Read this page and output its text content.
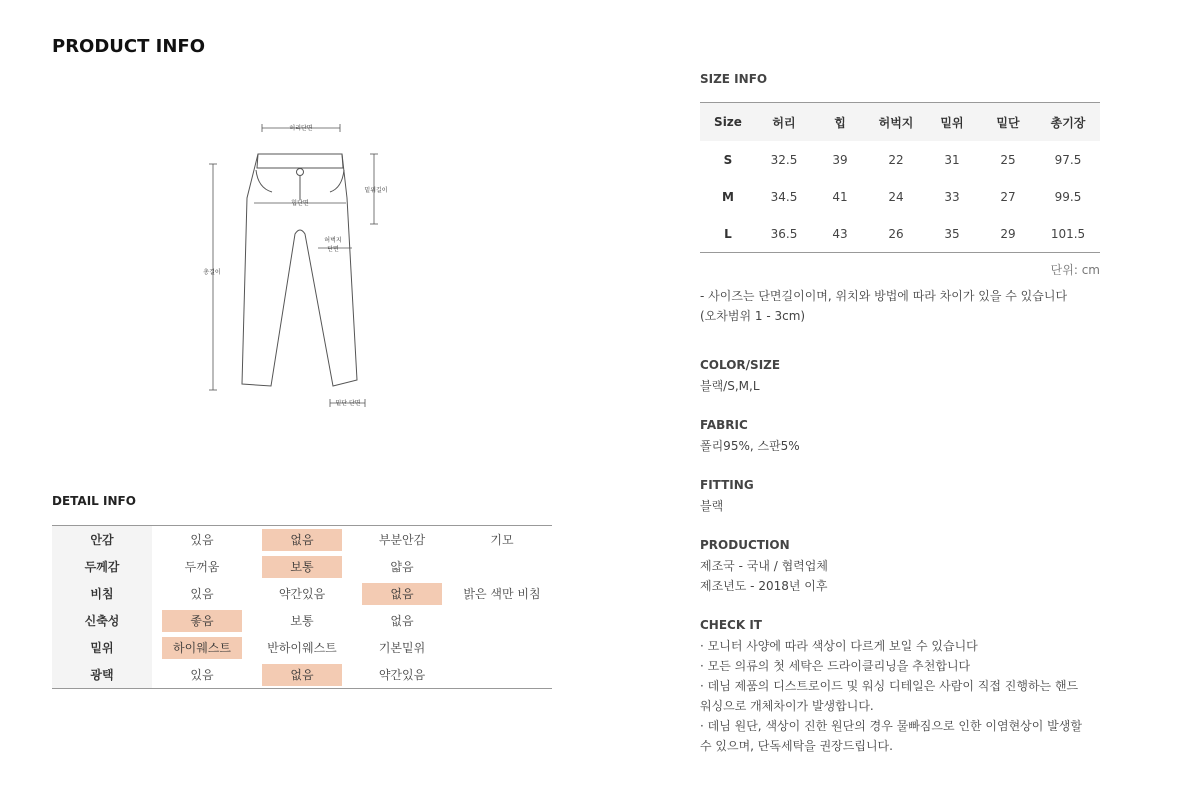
PRODUCT INFO
허리단면
밑위길이
힙단면
허벅지
단면
총길이
밑단 단면
DETAIL INFO
안감	있음	없음	부분안감	기모
두께감	두꺼움	보통	얇음
비침	있음	약간있음	없음	밝은 색만 비침
신축성	좋음	보통	없음
밑위	하이웨스트	반하이웨스트	기본밑위
광택	있음	없음	약간있음
SIZE INFO
Size	허리	힙	허벅지	밑위	밑단	총기장
S	32.5	39	22	31	25	97.5
M	34.5	41	24	33	27	99.5
L	36.5	43	26	35	29	101.5

단위: cm

- 사이즈는 단면길이이며, 위치와 방법에 따라 차이가 있을 수 있습니다
(오차범위 1 - 3cm)

COLOR/SIZE

블랙/S,M,L

FABRIC

폴리95%, 스판5%

FITTING

블랙

PRODUCTION

제조국 - 국내 / 협력업체
제조년도 - 2018년 이후

CHECK IT

· 모니터 사양에 따라 색상이 다르게 보일 수 있습니다
· 모든 의류의 첫 세탁은 드라이클리닝을 추천합니다
· 데님 제품의 디스트로이드 및 워싱 디테일은 사람이 직접 진행하는 핸드
워싱으로 개체차이가 발생합니다.
· 데님 원단, 색상이 진한 원단의 경우 물빠짐으로 인한 이염현상이 발생할
수 있으며, 단독세탁을 권장드립니다.
